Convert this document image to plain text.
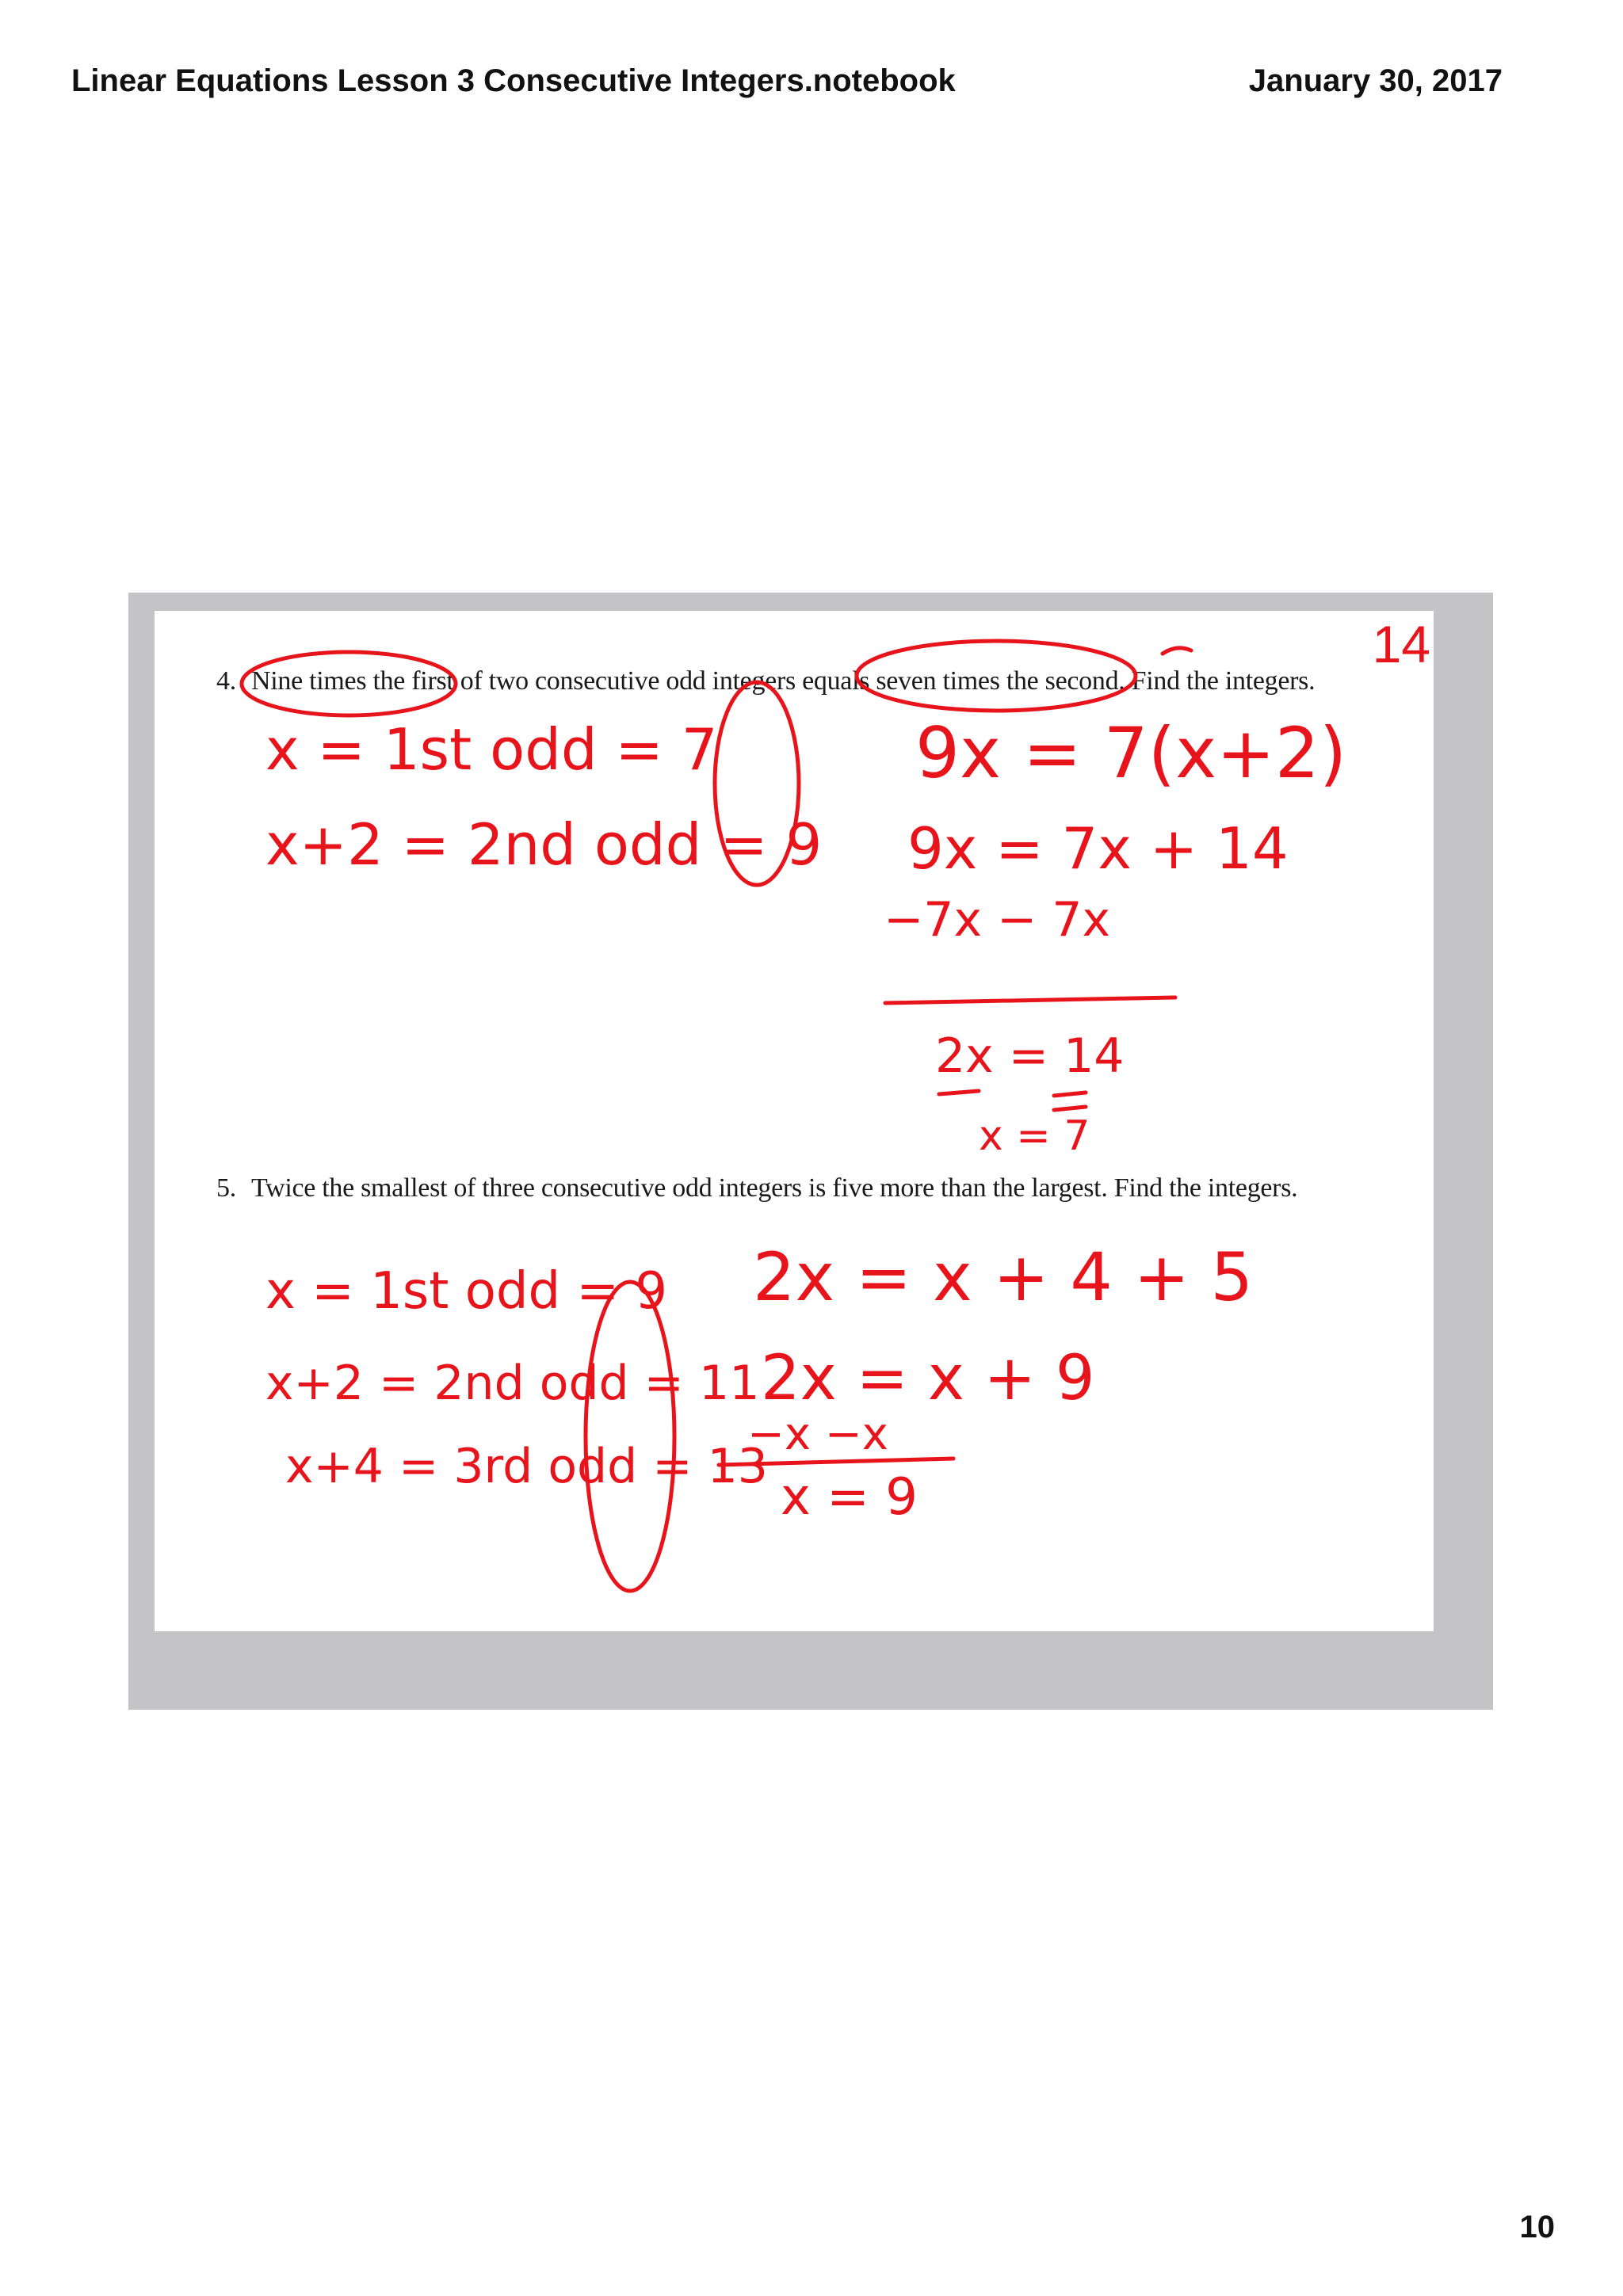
Linear Equations Lesson 3 Consecutive Integers.notebook	January 30, 2017
14
4. Nine times the first of two consecutive odd integers equals seven times the second. Find the integers.
5. Twice the smallest of three consecutive odd integers is five more than the largest. Find the integers.
x = 1st odd = 7
x+2 = 2nd odd = 9
9x = 7(x+2)
9x = 7x + 14
−7x − 7x
2x = 14
x = 7
x = 1st odd = 9
x+2 = 2nd odd = 11
x+4 = 3rd odd = 13
2x = x + 4 + 5
2x = x + 9
−x −x
x = 9
10
